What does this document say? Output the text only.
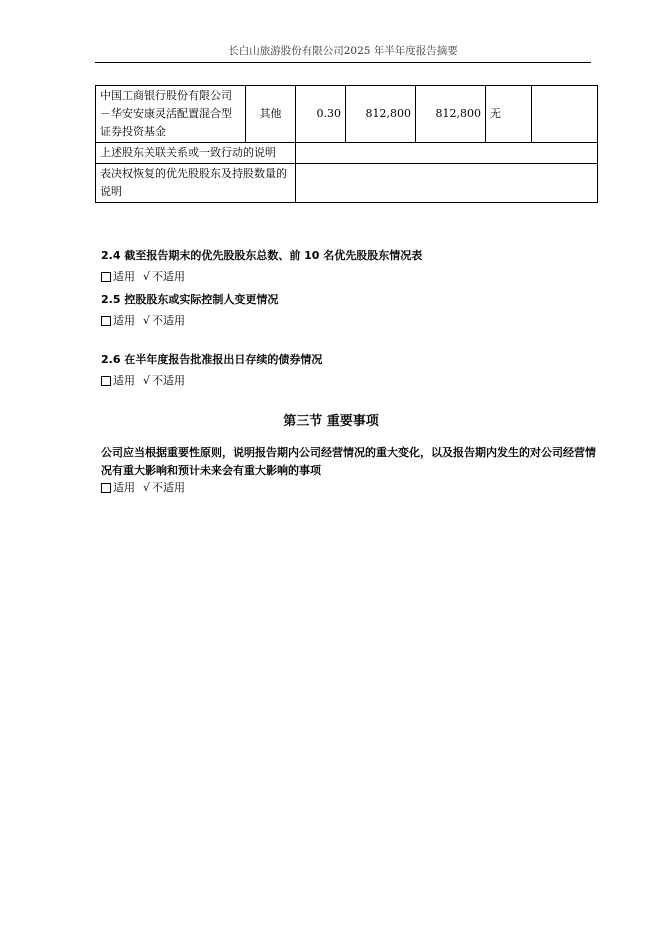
长白山旅游股份有限公司2025 年半年度报告摘要
中国工商银行股份有限公司－华安安康灵活配置混合型证券投资基金	其他	0.30	812,800	812,800	无	
上述股东关联关系或一致行动的说明						
表决权恢复的优先股股东及持股数量的说明						
2.4 截至报告期末的优先股股东总数、前 10 名优先股股东情况表
适用 √ 不适用
2.5 控股股东或实际控制人变更情况
适用 √ 不适用
2.6 在半年度报告批准报出日存续的债券情况
适用 √ 不适用
第三节 重要事项
公司应当根据重要性原则，说明报告期内公司经营情况的重大变化，以及报告期内发生的对公司经营情况有重大影响和预计未来会有重大影响的事项
适用 √ 不适用
